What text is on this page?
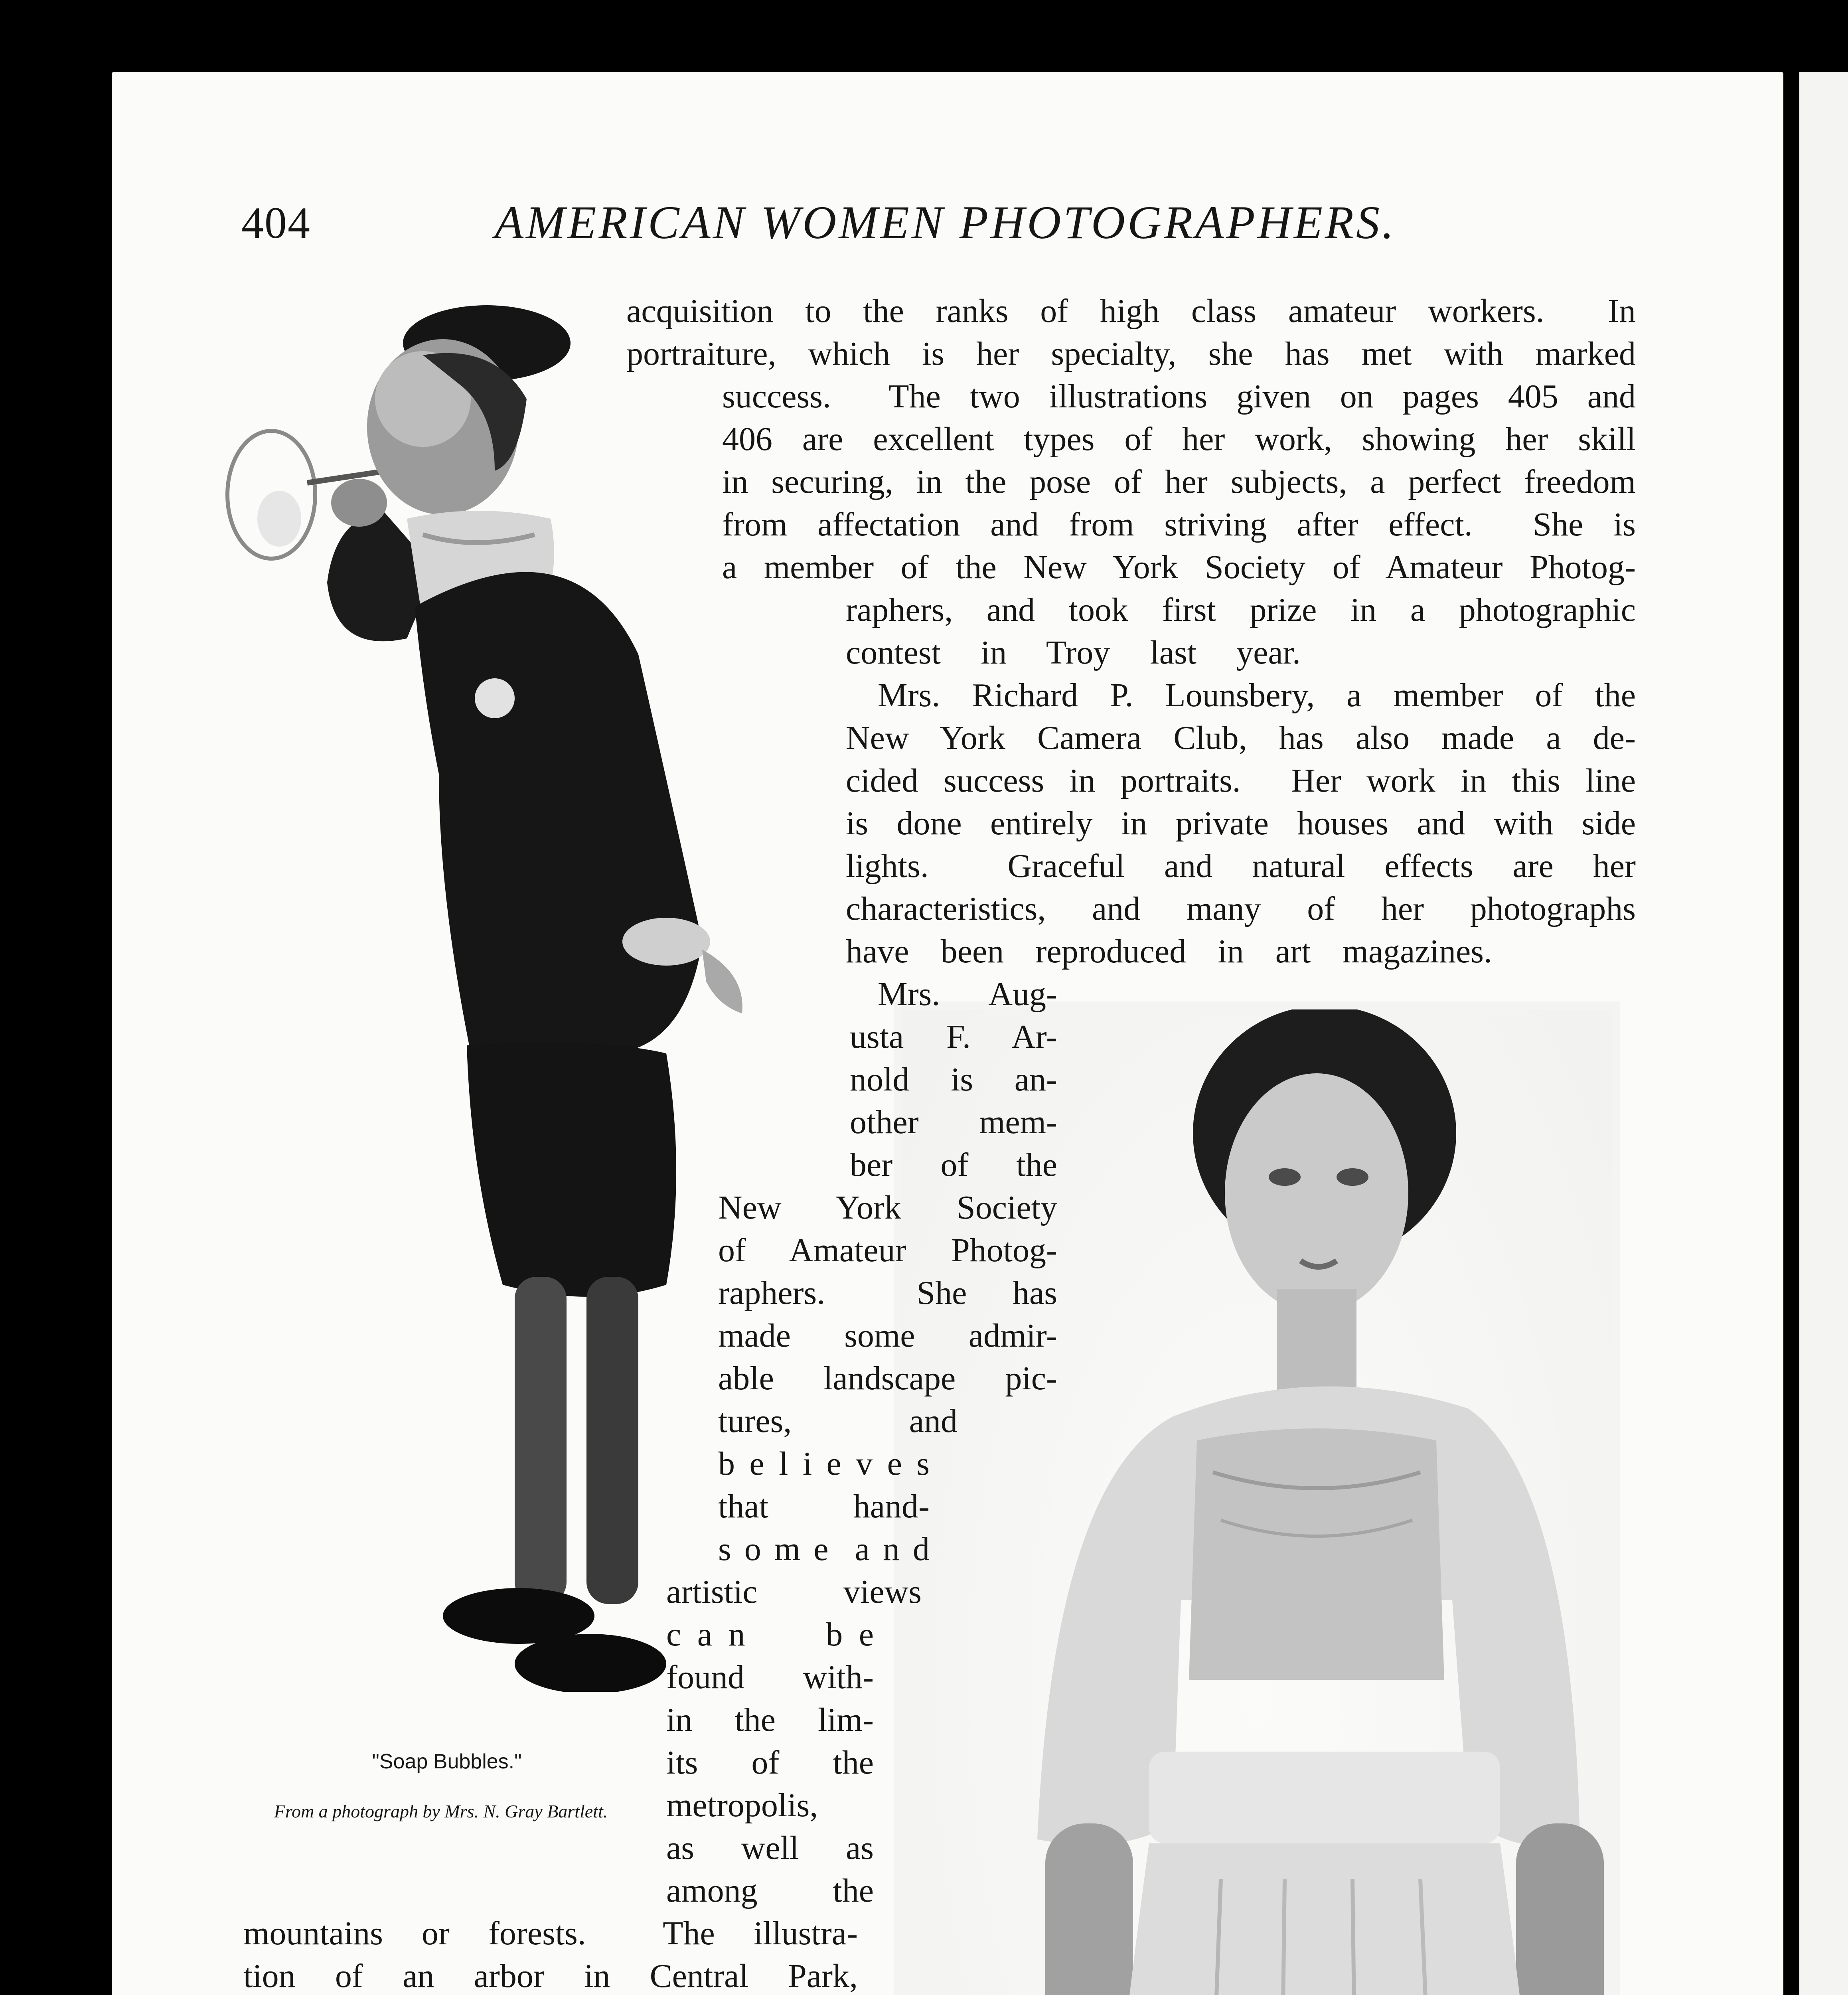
404	AMERICAN WOMEN PHOTOGRAPHERS.
"Soap Bubbles."
From a photograph by Mrs. N. Gray Bartlett.
acquisition to the ranks of high class amateur workers.  In
portraiture, which is her specialty, she has met with marked
success.  The two illustrations given on pages 405 and
406 are excellent types of her work, showing her skill
in securing, in the pose of her subjects, a perfect freedom
from affectation and from striving after effect.  She is
a member of the New York Society of Amateur Photog-
raphers, and took first prize in a photographic
contest in Troy last year.
Mrs. Richard P. Lounsbery, a member of the
New York Camera Club, has also made a de-
cided success in portraits.  Her work in this line
is done entirely in private houses and with side
lights.  Graceful and natural effects are her
characteristics, and many of her photographs
have been reproduced in art magazines.
Mrs. Aug-
usta F. Ar-
nold is an-
other mem-
ber of the
New York Society
of Amateur Photog-
raphers.  She has
made some admir-
able landscape pic-
tures,   and
b e l i e v e s
that  hand-
s o m e  a n d
artistic  views
c a n     b e
found with-
in the lim-
its of the
metropolis,
as well as
among the
mountains or forests.  The illustra-
tion of an arbor in Central Park,
